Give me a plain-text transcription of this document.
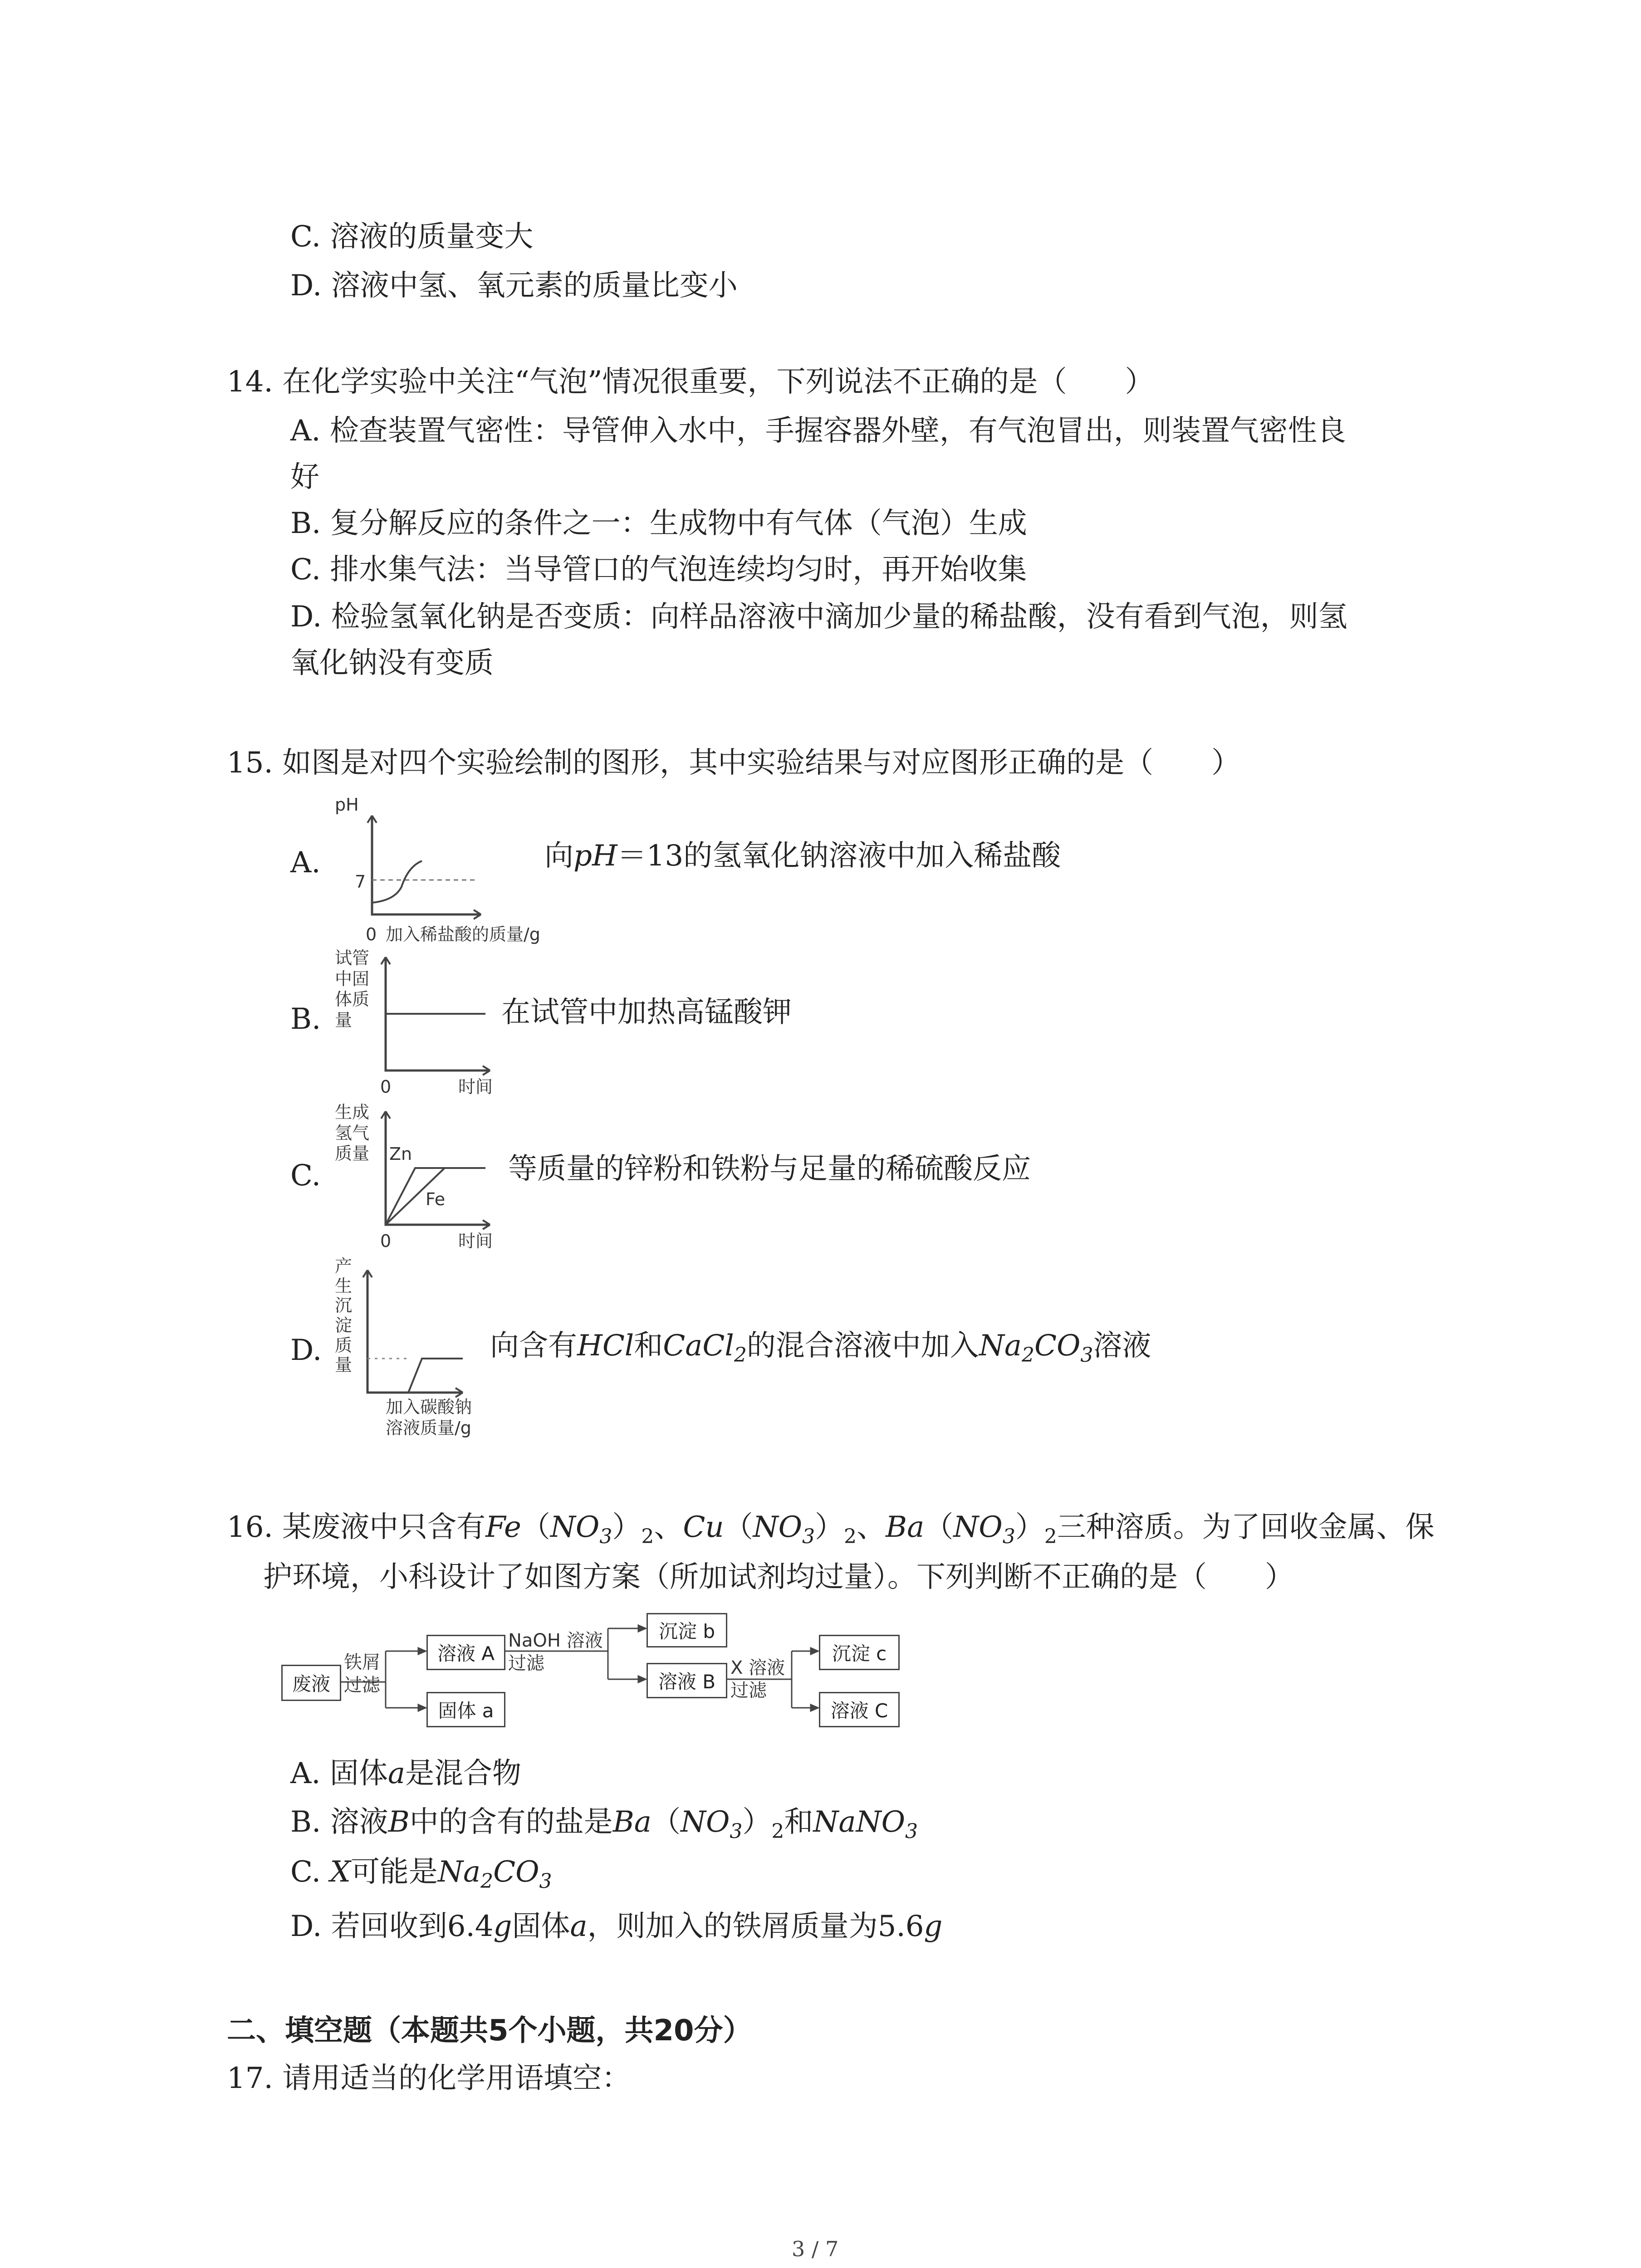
C. 溶液的质量变大
D. 溶液中氢、氧元素的质量比变小
14. 在化学实验中关注“气泡”情况很重要，下列说法不正确的是（　　）
A. 检查装置气密性：导管伸入水中，手握容器外壁，有气泡冒出，则装置气密性良
好
B. 复分解反应的条件之一：生成物中有气体（气泡）生成
C. 排水集气法：当导管口的气泡连续均匀时，再开始收集
D. 检验氢氧化钠是否变质：向样品溶液中滴加少量的稀盐酸，没有看到气泡，则氢
氧化钠没有变质
15. 如图是对四个实验绘制的图形，其中实验结果与对应图形正确的是（　　）
A.
pH
7
0 加入稀盐酸的质量/g
向pH＝13的氢氧化钠溶液中加入稀盐酸
B.
试管
中固
体质
量
0	时间
在试管中加热高锰酸钾
C.
生成
氢气
质量 Zn
Fe
0	时间
等质量的锌粉和铁粉与足量的稀硫酸反应
D.
产
生
沉
淀
质
量
加入碳酸钠
溶液质量/g
向含有HCl和CaCl$_2$的混合溶液中加入$Na_2CO_3$溶液
16. 某废液中只含有$Fe(NO_3)_2$、$Cu(NO_3)_2$、$Ba(NO_3)_2$三种溶质。为了回收金属、保
护环境，小科设计了如图方案（所加试剂均过量）。下列判断不正确的是（　　）
废液
铁屑
过滤
溶液 A
固体 a
NaOH 溶液
过滤
沉淀 b
溶液 B
X 溶液
过滤
沉淀 c
溶液 C
A. 固体a是混合物
B. 溶液B中的含有的盐是$Ba(NO_3)_2$和NaNO$_3$
C. X可能是$Na_2CO_3$
D. 若回收到6.4g固体a，则加入的铁屑质量为5.6g
二、填空题（本题共5个小题，共20分）
17. 请用适当的化学用语填空：
3 / 7
